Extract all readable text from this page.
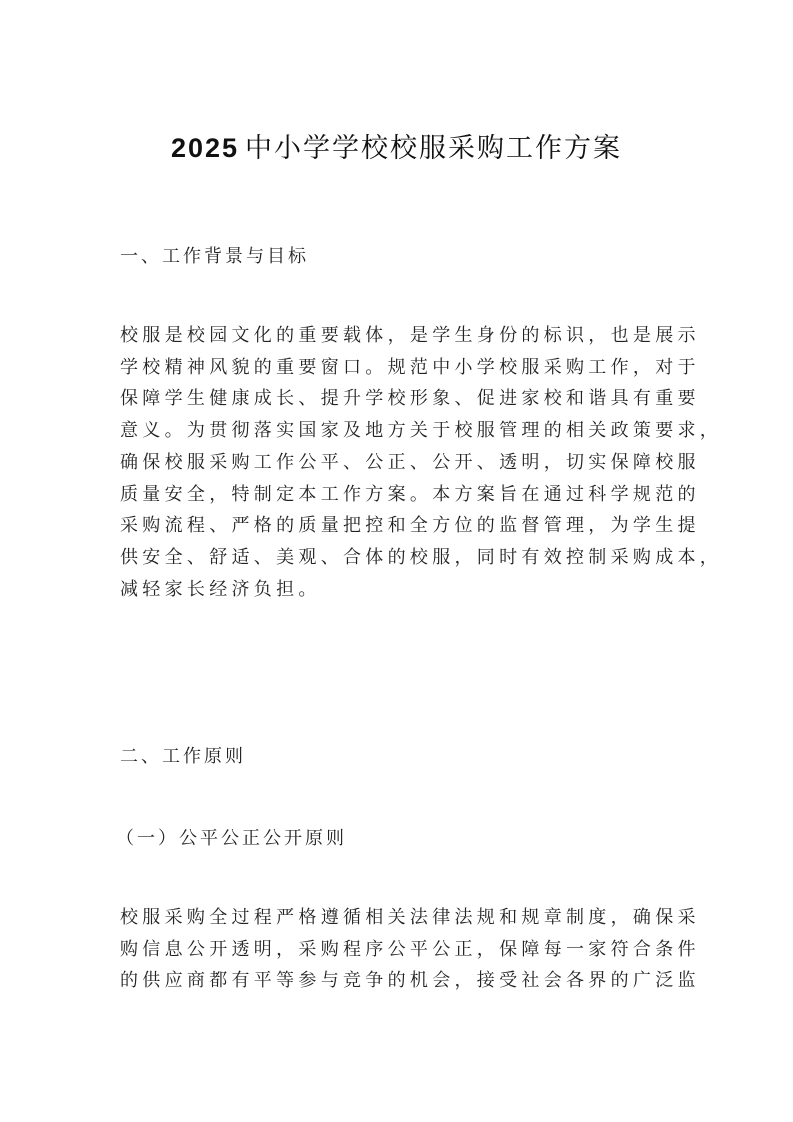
2025 中小学学校校服采购工作方案
一、工作背景与目标
校服是校园文化的重要载体，是学生身份的标识，也是展示
学校精神风貌的重要窗口。规范中小学校服采购工作，对于
保障学生健康成长、提升学校形象、促进家校和谐具有重要
意义。为贯彻落实国家及地方关于校服管理的相关政策要求，
确保校服采购工作公平、公正、公开、透明，切实保障校服
质量安全，特制定本工作方案。本方案旨在通过科学规范的
采购流程、严格的质量把控和全方位的监督管理，为学生提
供安全、舒适、美观、合体的校服，同时有效控制采购成本，
减轻家长经济负担。
二、工作原则
（一）公平公正公开原则
校服采购全过程严格遵循相关法律法规和规章制度，确保采
购信息公开透明，采购程序公平公正，保障每一家符合条件
的供应商都有平等参与竞争的机会，接受社会各界的广泛监
